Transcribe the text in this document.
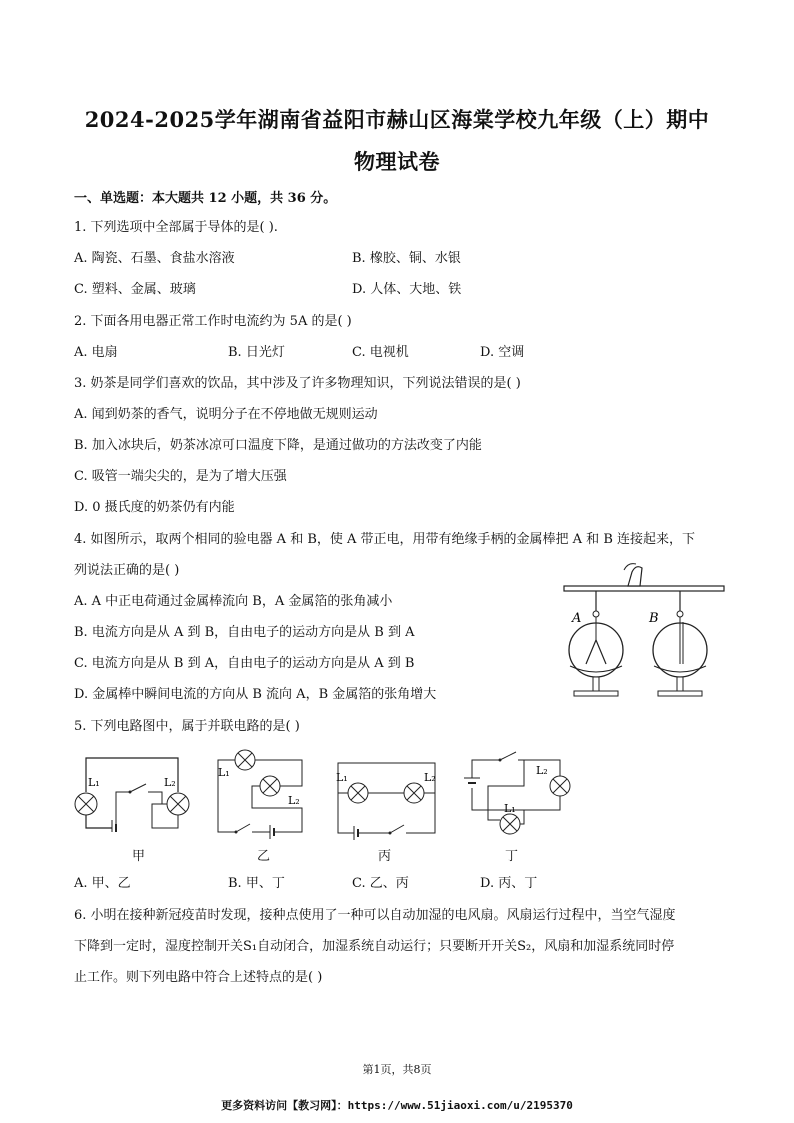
2024-2025学年湖南省益阳市赫山区海棠学校九年级（上）期中
物理试卷
一、单选题：本大题共 12 小题，共 36 分。
1. 下列选项中全部属于导体的是( ).
A. 陶瓷、石墨、食盐水溶液	B. 橡胶、铜、水银
C. 塑料、金属、玻璃	D. 人体、大地、铁
2. 下面各用电器正常工作时电流约为 5A 的是( )
A. 电扇	B. 日光灯	C. 电视机	D. 空调
3. 奶茶是同学们喜欢的饮品，其中涉及了许多物理知识，下列说法错误的是( )
A. 闻到奶茶的香气，说明分子在不停地做无规则运动
B. 加入冰块后，奶茶冰凉可口温度下降，是通过做功的方法改变了内能
C. 吸管一端尖尖的，是为了增大压强
D. 0 摄氏度的奶茶仍有内能
4. 如图所示，取两个相同的验电器 A 和 B，使 A 带正电，用带有绝缘手柄的金属棒把 A 和 B 连接起来，下
列说法正确的是( )
A. A 中正电荷通过金属棒流向 B，A 金属箔的张角减小
B. 电流方向是从 A 到 B，自由电子的运动方向是从 B 到 A
C. 电流方向是从 B 到 A，自由电子的运动方向是从 A 到 B
D. 金属棒中瞬间电流的方向从 B 流向 A，B 金属箔的张角增大
A	B
5. 下列电路图中，属于并联电路的是( )
L₁	L₂
甲
L₁
L₂
乙
L₁	L₂
丙
L₁
L₂
丁
A. 甲、乙	B. 甲、丁	C. 乙、丙	D. 丙、丁
6. 小明在接种新冠疫苗时发现，接种点使用了一种可以自动加湿的电风扇。风扇运行过程中，当空气湿度
下降到一定时，湿度控制开关S₁自动闭合，加湿系统自动运行；只要断开开关S₂，风扇和加湿系统同时停
止工作。则下列电路中符合上述特点的是( )
第1页，共8页
更多资料访问【教习网】：https://www.51jiaoxi.com/u/2195370
